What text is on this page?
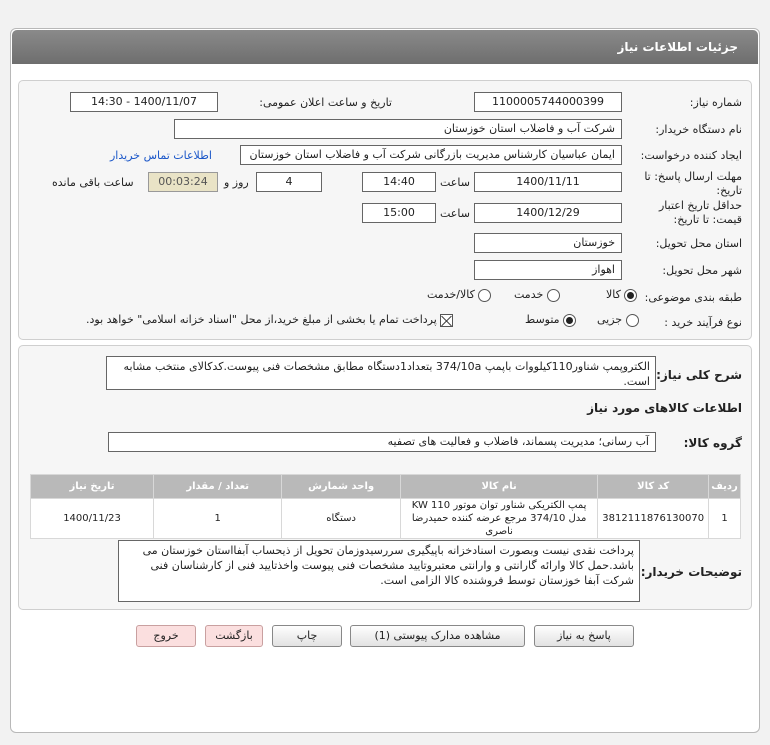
جزئیات اطلاعات نیاز
شماره نیاز:
1100005744000399
تاریخ و ساعت اعلان عمومی:
1400/11/07 - 14:30
نام دستگاه خریدار:
شرکت آب و فاضلاب استان خوزستان
ایجاد کننده درخواست:
ایمان عباسیان کارشناس مدیریت بازرگانی شرکت آب و فاضلاب استان خوزستان
اطلاعات تماس خریدار
مهلت ارسال پاسخ: تا تاریخ:
1400/11/11
ساعت
14:40
4
روز و
00:03:24
ساعت باقی مانده
حداقل تاریخ اعتبار قیمت: تا تاریخ:
1400/12/29
ساعت
15:00
استان محل تحویل:
خوزستان
شهر محل تحویل:
اهواز
طبقه بندی موضوعی:
کالا
خدمت
کالا/خدمت
نوع فرآیند خرید :
جزیی
متوسط
پرداخت تمام یا بخشی از مبلغ خرید،از محل "اسناد خزانه اسلامی" خواهد بود.
شرح کلی نیاز:
الکتروپمپ شناور110کیلووات باپمپ 374/10a بتعداد1دستگاه مطابق مشخصات فنی پیوست.کدکالای منتخب مشابه است.
اطلاعات کالاهای مورد نیاز
گروه کالا:
آب رسانی؛ مدیریت پسماند، فاضلاب و فعالیت های تصفیه
ردیف	کد کالا	نام کالا	واحد شمارش	تعداد / مقدار	تاریخ نیاز
1	3812111876130070	پمپ الکتریکی شناور توان موتور KW 110 مدل 374/10 مرجع عرضه کننده حمیدرضا ناصری	دستگاه	1	1400/11/23
توضیحات خریدار:
پرداخت نقدی نیست وبصورت اسنادخزانه باپیگیری سررسیدوزمان تحویل از ذیحساب آبفااستان خوزستان می باشد.حمل کالا وارائه گارانتی و وارانتی معتبروتایید مشخصات فنی پیوست واخذتایید فنی از کارشناسان فنی شرکت آبفا خوزستان توسط فروشنده کالا الزامی است.
پاسخ به نیاز
مشاهده مدارک پیوستی (1)
چاپ
بازگشت
خروج
